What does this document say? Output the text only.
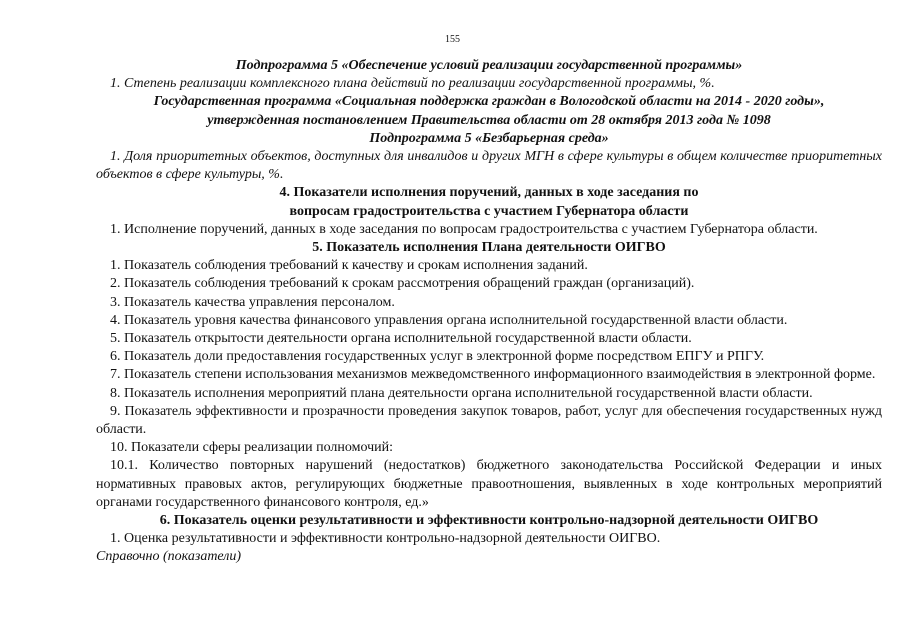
155

Подпрограмма 5 «Обеспечение условий реализации государственной программы»

1. Степень реализации комплексного плана действий по реализации государственной программы, %.

Государственная программа «Социальная поддержка граждан в Вологодской области на 2014 - 2020 годы»,

утвержденная постановлением Правительства области от 28 октября 2013 года № 1098

Подпрограмма 5 «Безбарьерная среда»

1. Доля приоритетных объектов, доступных для инвалидов и других МГН в сфере культуры в общем количестве приоритетных объектов в сфере культуры, %.

4. Показатели исполнения поручений, данных в ходе заседания по

вопросам градостроительства с участием Губернатора области

1. Исполнение поручений, данных в ходе заседания по вопросам градостроительства с участием Губернатора области.

5. Показатель исполнения Плана деятельности ОИГВО

1. Показатель соблюдения требований к качеству и срокам исполнения заданий.

2. Показатель соблюдения требований к срокам рассмотрения обращений граждан (организаций).

3. Показатель качества управления персоналом.

4. Показатель уровня качества финансового управления органа исполнительной государственной власти области.

5. Показатель открытости деятельности органа исполнительной государственной власти области.

6. Показатель доли предоставления государственных услуг в электронной форме посредством ЕПГУ и РПГУ.

7. Показатель степени использования механизмов межведомственного информационного взаимодействия в электронной форме.

8. Показатель исполнения мероприятий плана деятельности органа исполнительной государственной власти области.

9. Показатель эффективности и прозрачности проведения закупок товаров, работ, услуг для обеспечения государственных нужд области.

10. Показатели сферы реализации полномочий:

10.1. Количество повторных нарушений (недостатков) бюджетного законодательства Российской Федерации и иных нормативных правовых актов, регулирующих бюджетные правоотношения, выявленных в ходе контрольных мероприятий органами государственного финансового контроля, ед.»

6. Показатель оценки результативности и эффективности контрольно-надзорной деятельности ОИГВО

1. Оценка результативности и эффективности контрольно-надзорной деятельности ОИГВО.

Справочно (показатели)
